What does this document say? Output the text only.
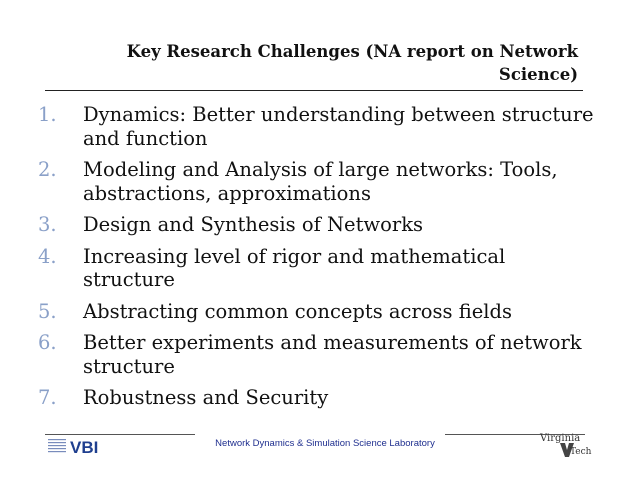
Key Research Challenges (NA report on Network Science)
1. Dynamics: Better understanding between structure and function
2. Modeling and Analysis of large networks: Tools, abstractions, approximations
3. Design and Synthesis of Networks
4. Increasing level of rigor and mathematical structure
5. Abstracting common concepts across fields
6. Better experiments and measurements of network structure
7. Robustness and Security
VBI	Network Dynamics & Simulation Science Laboratory	Virginia
Tech
